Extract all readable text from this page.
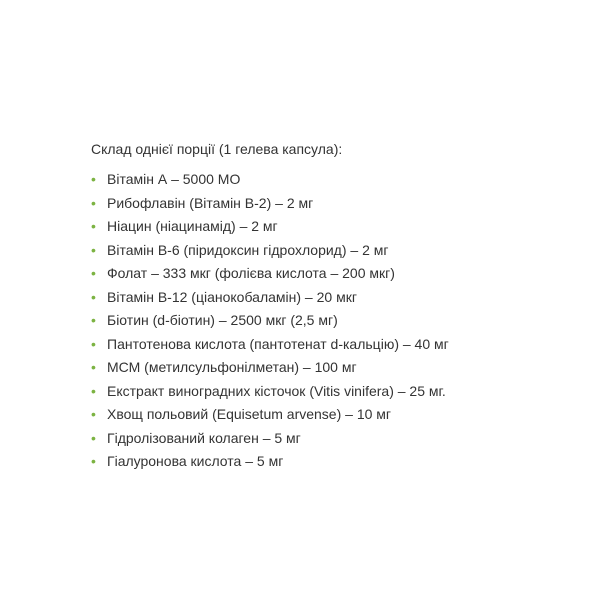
Склад однієї порції (1 гелева капсула):

• Вітамін А – 5000 МО
• Рибофлавін (Вітамін В-2) – 2 мг
• Ніацин (ніацинамід) – 2 мг
• Вітамін В-6 (піридоксин гідрохлорид) – 2 мг
• Фолат – 333 мкг (фолієва кислота – 200 мкг)
• Вітамін В-12 (ціанокобаламін) – 20 мкг
• Біотин (d-біотин) – 2500 мкг (2,5 мг)
• Пантотенова кислота (пантотенат d-кальцію) – 40 мг
• МСМ (метилсульфонілметан) – 100 мг
• Екстракт виноградних кісточок (Vitis vinifera) – 25 мг.
• Хвощ польовий (Equisetum arvense) – 10 мг
• Гідролізований колаген – 5 мг
• Гіалуронова кислота – 5 мг
